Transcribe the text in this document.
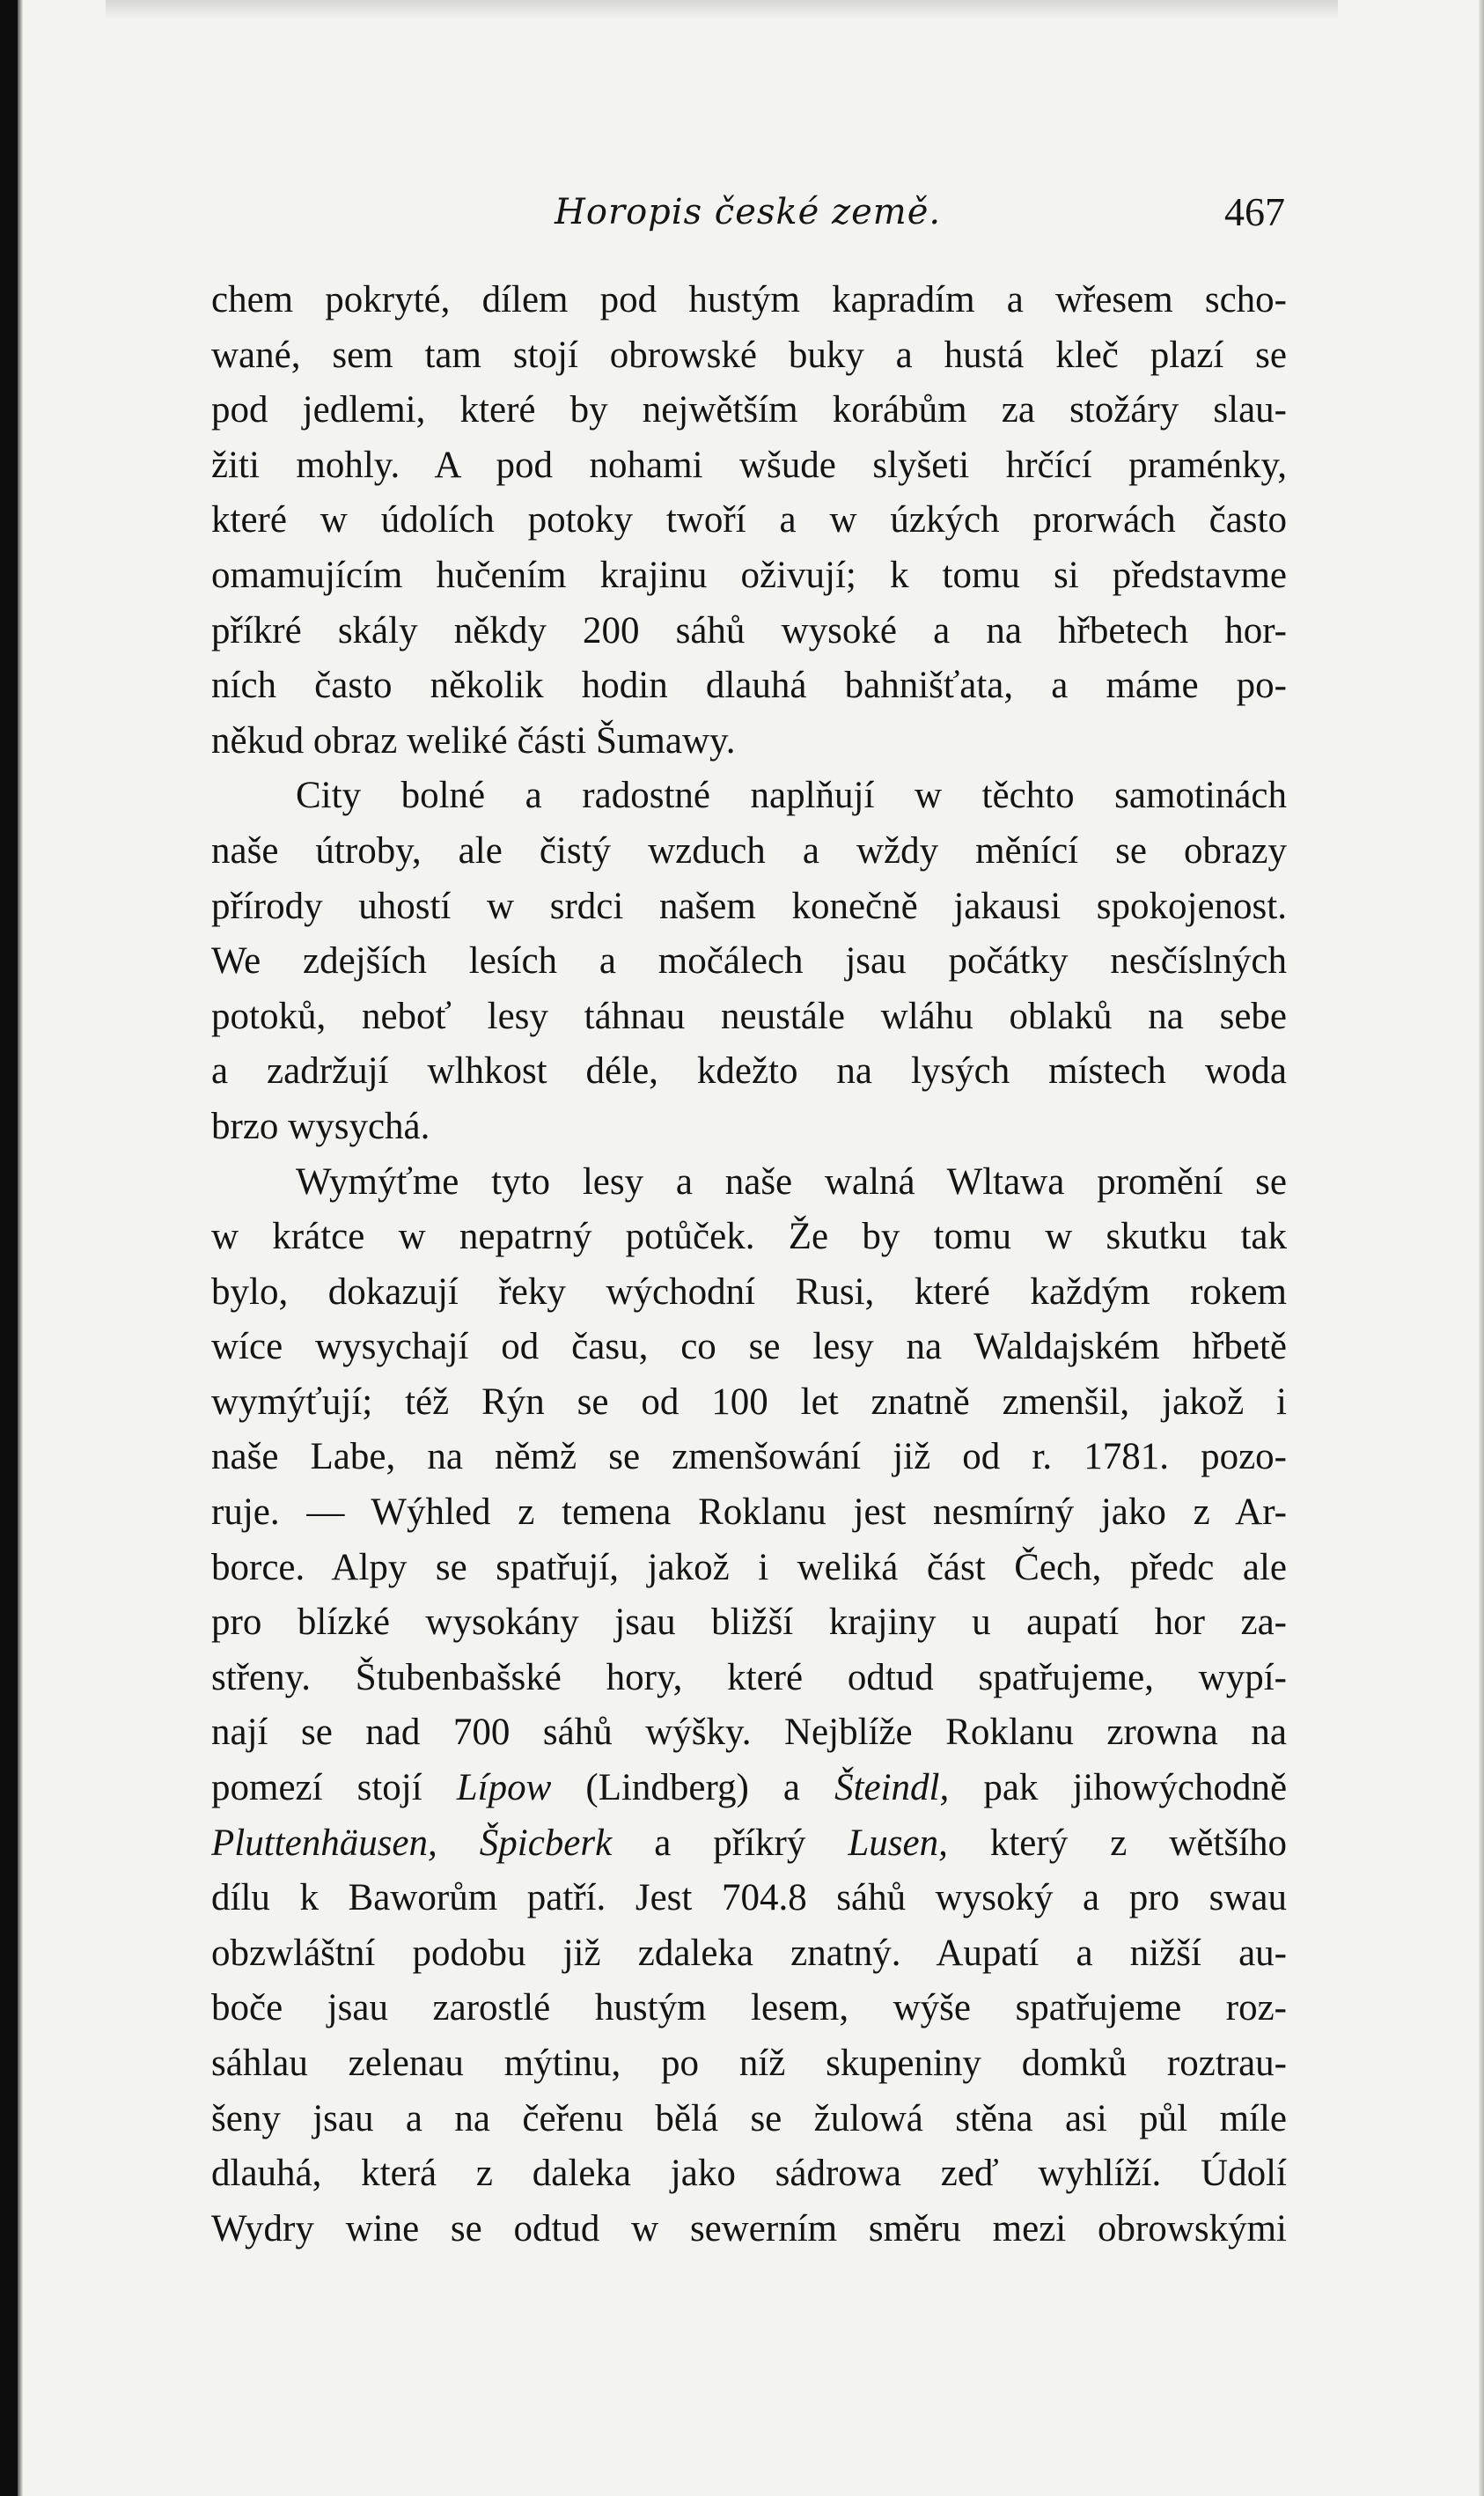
Horopis české země.	467
chem pokryté, dílem pod hustým kapradím a wřesem scho-
wané, sem tam stojí obrowské buky a hustá kleč plazí se
pod jedlemi, které by nejwětším korábům za stožáry slau-
žiti mohly. A pod nohami wšude slyšeti hrčící praménky,
které w údolích potoky twoří a w úzkých prorwách často
omamujícím hučením krajinu oživují; k tomu si představme
příkré skály někdy 200 sáhů wysoké a na hřbetech hor-
ních často několik hodin dlauhá bahnišťata, a máme po-
někud obraz weliké části Šumawy.
City bolné a radostné naplňují w těchto samotinách
naše útroby, ale čistý wzduch a wždy měnící se obrazy
přírody uhostí w srdci našem konečně jakausi spokojenost.
We zdejších lesích a močálech jsau počátky nesčíslných
potoků, neboť lesy táhnau neustále wláhu oblaků na sebe
a zadržují wlhkost déle, kdežto na lysých místech woda
brzo wysychá.
Wymýťme tyto lesy a naše walná Wltawa promění se
w krátce w nepatrný potůček. Že by tomu w skutku tak
bylo, dokazují řeky wýchodní Rusi, které každým rokem
wíce wysychají od času, co se lesy na Waldajském hřbetě
wymýťují; též Rýn se od 100 let znatně zmenšil, jakož i
naše Labe, na němž se zmenšowání již od r. 1781. pozo-
ruje. — Wýhled z temena Roklanu jest nesmírný jako z Ar-
borce. Alpy se spatřují, jakož i weliká část Čech, předc ale
pro blízké wysokány jsau bližší krajiny u aupatí hor za-
střeny. Štubenbašské hory, které odtud spatřujeme, wypí-
nají se nad 700 sáhů wýšky. Nejblíže Roklanu zrowna na
pomezí stojí Lípow (Lindberg) a Šteindl, pak jihowýchodně
Pluttenhäusen, Špicberk a příkrý Lusen, který z wětšího
dílu k Baworům patří. Jest 704.8 sáhů wysoký a pro swau
obzwláštní podobu již zdaleka znatný. Aupatí a nižší au-
boče jsau zarostlé hustým lesem, wýše spatřujeme roz-
sáhlau zelenau mýtinu, po níž skupeniny domků roztrau-
šeny jsau a na čeřenu bělá se žulowá stěna asi půl míle
dlauhá, která z daleka jako sádrowa zeď wyhlíží. Údolí
Wydry wine se odtud w sewerním směru mezi obrowskými
